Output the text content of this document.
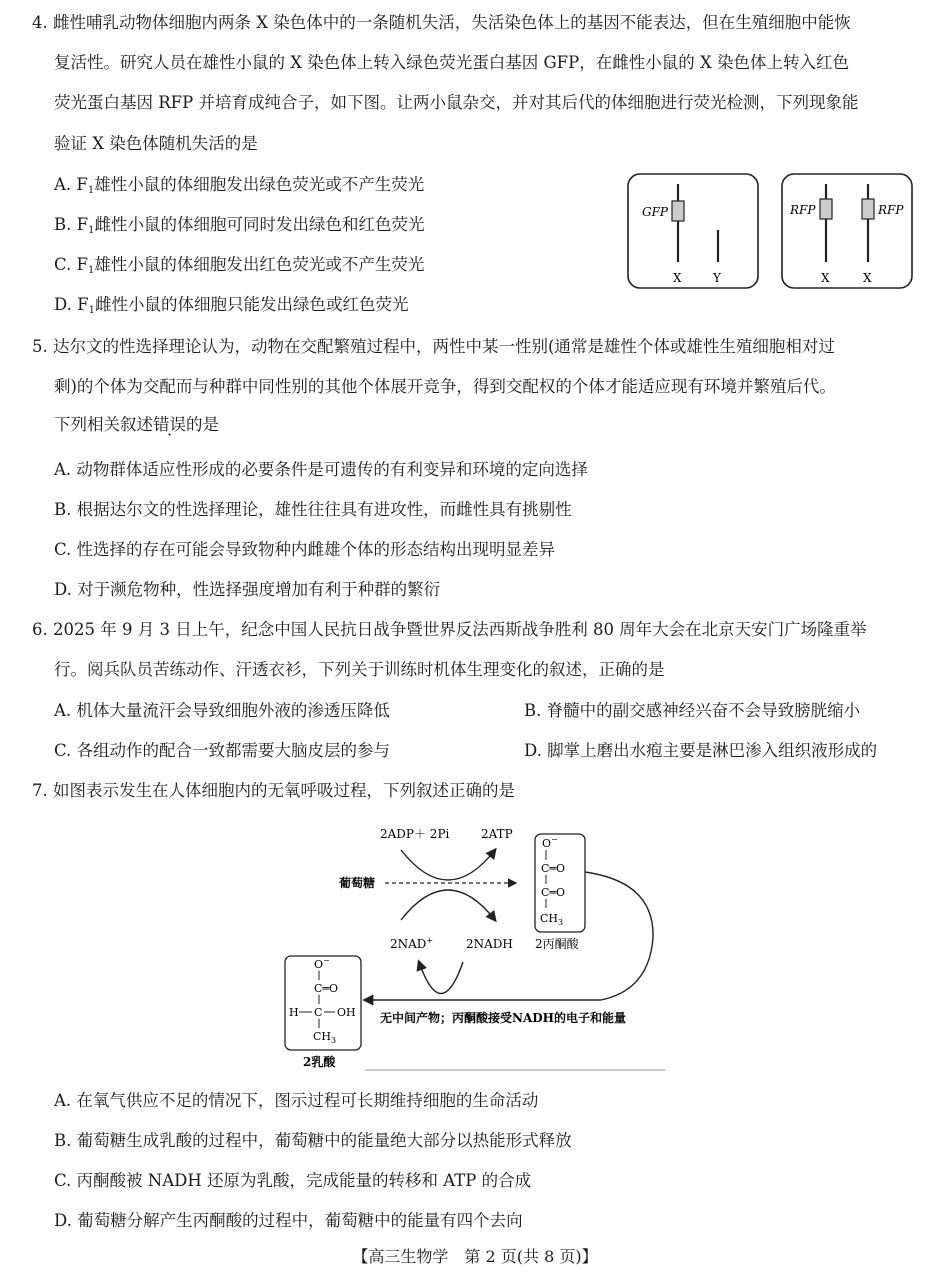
4. 雌性哺乳动物体细胞内两条 X 染色体中的一条随机失活，失活染色体上的基因不能表达，但在生殖细胞中能恢
复活性。研究人员在雄性小鼠的 X 染色体上转入绿色荧光蛋白基因 GFP，在雌性小鼠的 X 染色体上转入红色
荧光蛋白基因 RFP 并培育成纯合子，如下图。让两小鼠杂交，并对其后代的体细胞进行荧光检测，下列现象能
验证 X 染色体随机失活的是
A. $F_1$雄性小鼠的体细胞发出绿色荧光或不产生荧光
B. $F_1$雌性小鼠的体细胞可同时发出绿色和红色荧光
C. $F_1$雄性小鼠的体细胞发出红色荧光或不产生荧光
D. $F_1$雌性小鼠的体细胞只能发出绿色或红色荧光
GFP
X	Y
RFP	RFP
X	X
5. 达尔文的性选择理论认为，动物在交配繁殖过程中，两性中某一性别(通常是雄性个体或雄性生殖细胞相对过
剩)的个体为交配而与种群中同性别的其他个体展开竞争，得到交配权的个体才能适应现有环境并繁殖后代。
下列相关叙述错误的是
A. 动物群体适应性形成的必要条件是可遗传的有利变异和环境的定向选择
B. 根据达尔文的性选择理论，雄性往往具有进攻性，而雌性具有挑剔性
C. 性选择的存在可能会导致物种内雌雄个体的形态结构出现明显差异
D. 对于濒危物种，性选择强度增加有利于种群的繁衍
6. 2025 年 9 月 3 日上午，纪念中国人民抗日战争暨世界反法西斯战争胜利 80 周年大会在北京天安门广场隆重举
行。阅兵队员苦练动作、汗透衣衫，下列关于训练时机体生理变化的叙述，正确的是
A. 机体大量流汗会导致细胞外液的渗透压降低	B. 脊髓中的副交感神经兴奋不会导致膀胱缩小
C. 各组动作的配合一致都需要大脑皮层的参与	D. 脚掌上磨出水疱主要是淋巴渗入组织液形成的
7. 如图表示发生在人体细胞内的无氧呼吸过程，下列叙述正确的是
2ADP＋ 2Pi	2ATP
葡萄糖
2NAD+	2NADH
O−
C═O
C═O
$CH_3$
2丙酮酸
无中间产物；丙酮酸接受NADH的电子和能量
O−
C═O
H C OH
$CH_3$
2乳酸
A. 在氧气供应不足的情况下，图示过程可长期维持细胞的生命活动
B. 葡萄糖生成乳酸的过程中，葡萄糖中的能量绝大部分以热能形式释放
C. 丙酮酸被 NADH 还原为乳酸，完成能量的转移和 ATP 的合成
D. 葡萄糖分解产生丙酮酸的过程中，葡萄糖中的能量有四个去向
【高三生物学　第 2 页(共 8 页)】
